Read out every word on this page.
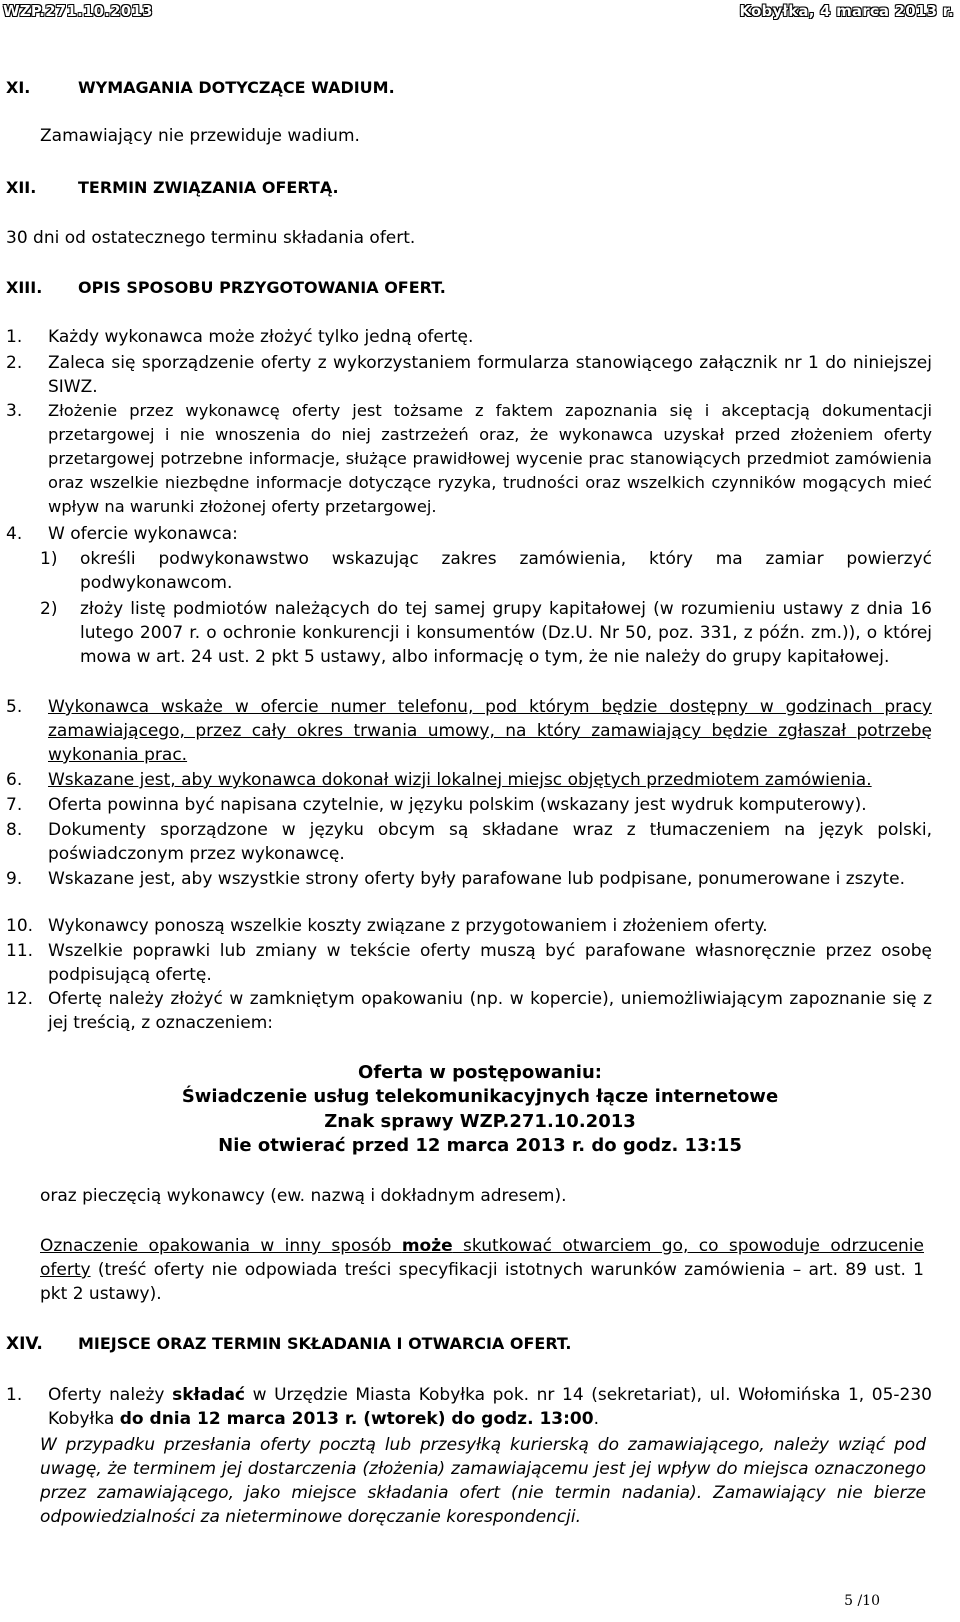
WZP.271.10.2013	Kobyłka, 4 marca 2013 r.
XI.	WYMAGANIA DOTYCZĄCE WADIUM.
Zamawiający nie przewiduje wadium.
XII.	TERMIN ZWIĄZANIA OFERTĄ.
30 dni od ostatecznego terminu składania ofert.
XIII. OPIS SPOSOBU PRZYGOTOWANIA OFERT.
1. Każdy wykonawca może złożyć tylko jedną ofertę.
2. Zaleca się sporządzenie oferty z wykorzystaniem formularza stanowiącego załącznik nr 1 do niniejszej SIWZ.
3. Złożenie przez wykonawcę oferty jest tożsame z faktem zapoznania się i akceptacją dokumentacji przetargowej i nie wnoszenia do niej zastrzeżeń oraz, że wykonawca uzyskał przed złożeniem oferty przetargowej potrzebne informacje, służące prawidłowej wycenie prac stanowiących przedmiot zamówienia oraz wszelkie niezbędne informacje dotyczące ryzyka, trudności oraz wszelkich czynników mogących mieć wpływ na warunki złożonej oferty przetargowej.
4. W ofercie wykonawca:
1) określi podwykonawstwo wskazując zakres zamówienia, który ma zamiar powierzyć podwykonawcom.
2) złoży listę podmiotów należących do tej samej grupy kapitałowej (w rozumieniu ustawy z dnia 16 lutego 2007 r. o ochronie konkurencji i konsumentów (Dz.U. Nr 50, poz. 331, z późn. zm.)), o której mowa w art. 24 ust. 2 pkt 5 ustawy, albo informację o tym, że nie należy do grupy kapitałowej.
5. Wykonawca wskaże w ofercie numer telefonu, pod którym będzie dostępny w godzinach pracy zamawiającego, przez cały okres trwania umowy, na który zamawiający będzie zgłaszał potrzebę wykonania prac.
6. Wskazane jest, aby wykonawca dokonał wizji lokalnej miejsc objętych przedmiotem zamówienia.
7. Oferta powinna być napisana czytelnie, w języku polskim (wskazany jest wydruk komputerowy).
8. Dokumenty sporządzone w języku obcym są składane wraz z tłumaczeniem na język polski, poświadczonym przez wykonawcę.
9. Wskazane jest, aby wszystkie strony oferty były parafowane lub podpisane, ponumerowane i zszyte.
10. Wykonawcy ponoszą wszelkie koszty związane z przygotowaniem i złożeniem oferty.
11. Wszelkie poprawki lub zmiany w tekście oferty muszą być parafowane własnoręcznie przez osobę podpisującą ofertę.
12. Ofertę należy złożyć w zamkniętym opakowaniu (np. w kopercie), uniemożliwiającym zapoznanie się z jej treścią, z oznaczeniem:
Oferta w postępowaniu:
Świadczenie usług telekomunikacyjnych łącze internetowe
Znak sprawy WZP.271.10.2013
Nie otwierać przed 12 marca 2013 r. do godz. 13:15
oraz pieczęcią wykonawcy (ew. nazwą i dokładnym adresem).
Oznaczenie opakowania w inny sposób może skutkować otwarciem go, co spowoduje odrzucenie oferty (treść oferty nie odpowiada treści specyfikacji istotnych warunków zamówienia – art. 89 ust. 1 pkt 2 ustawy).
XIV. MIEJSCE ORAZ TERMIN SKŁADANIA I OTWARCIA OFERT.
1. Oferty należy składać w Urzędzie Miasta Kobyłka pok. nr 14 (sekretariat), ul. Wołomińska 1, 05-230 Kobyłka do dnia 12 marca 2013 r. (wtorek) do godz. 13:00.
W przypadku przesłania oferty pocztą lub przesyłką kurierską do zamawiającego, należy wziąć pod uwagę, że terminem jej dostarczenia (złożenia) zamawiającemu jest jej wpływ do miejsca oznaczonego przez zamawiającego, jako miejsce składania ofert (nie termin nadania). Zamawiający nie bierze odpowiedzialności za nieterminowe doręczanie korespondencji.
5 /10
